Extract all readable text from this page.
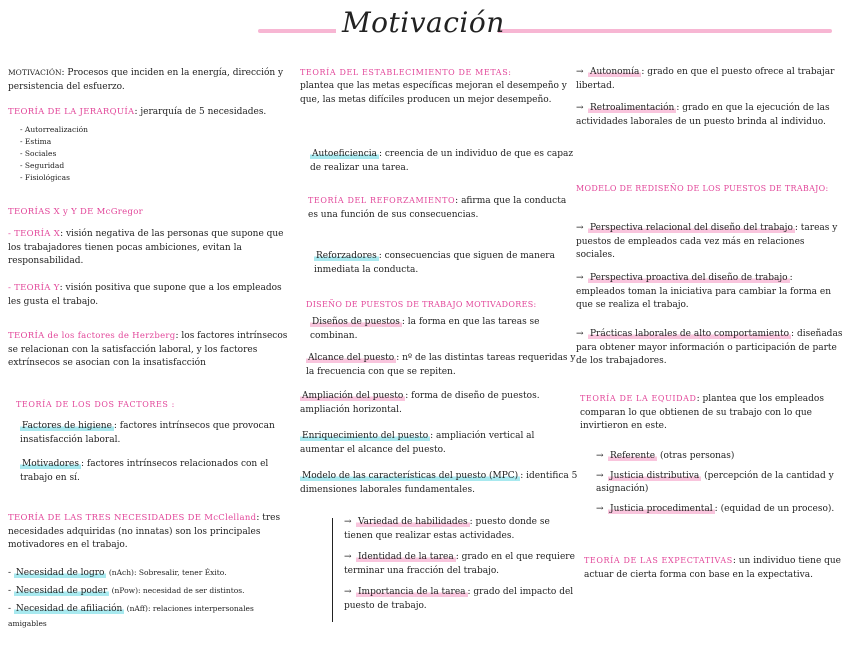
Motivación
MOTIVACIÓN: Procesos que inciden en la energía, dirección y persistencia del esfuerzo.
TEORÍA DE LA JERARQUÍA: jerarquía de 5 necesidades.
- Autorrealización
- Estima
- Sociales
- Seguridad
- Fisiológicas
TEORÍAS X y Y DE McGregor
- TEORÍA X: visión negativa de las personas que supone que los trabajadores tienen pocas ambiciones, evitan la responsabilidad.
- TEORÍA Y: visión positiva que supone que a los empleados les gusta el trabajo.
TEORÍA de los factores de Herzberg: los factores intrínsecos se relacionan con la satisfacción laboral, y los factores extrínsecos se asocian con la insatisfacción
TEORÍA DE LOS DOS FACTORES :
Factores de higiene : factores intrínsecos que provocan insatisfacción laboral.
Motivadores : factores intrínsecos relacionados con el trabajo en sí.
TEORÍA DE LAS TRES NECESIDADES DE McClelland: tres necesidades adquiridas (no innatas) son los principales motivadores en el trabajo.
- Necesidad de logro (nAch): Sobresalir, tener Éxito.
- Necesidad de poder (nPow): necesidad de ser distintos.
- Necesidad de afiliación (nAff): relaciones interpersonales amigables
TEORÍA DEL ESTABLECIMIENTO DE METAS:
plantea que las metas específicas mejoran el desempeño y que, las metas difíciles producen un mejor desempeño.
Autoeficiencia : creencia de un individuo de que es capaz de realizar una tarea.
TEORÍA DEL REFORZAMIENTO: afirma que la conducta es una función de sus consecuencias.
Reforzadores : consecuencias que siguen de manera inmediata la conducta.
DISEÑO DE PUESTOS DE TRABAJO MOTIVADORES:
Diseños de puestos : la forma en que las tareas se combinan.
Alcance del puesto : nº de las distintas tareas requeridas y la frecuencia con que se repiten.
Ampliación del puesto : forma de diseño de puestos. ampliación horizontal.
Enriquecimiento del puesto : ampliación vertical al aumentar el alcance del puesto.
Modelo de las características del puesto (MPC) : identifica 5 dimensiones laborales fundamentales.
→ Variedad de habilidades : puesto donde se tienen que realizar estas actividades.
→ Identidad de la tarea : grado en el que requiere terminar una fracción del trabajo.
→ Importancia de la tarea : grado del impacto del puesto de trabajo.
→ Autonomía : grado en que el puesto ofrece al trabajar libertad.
→ Retroalimentación : grado en que la ejecución de las actividades laborales de un puesto brinda al individuo.
MODELO DE REDISEÑO DE LOS PUESTOS DE TRABAJO:
→ Perspectiva relacional del diseño del trabajo : tareas y puestos de empleados cada vez más en relaciones sociales.
→ Perspectiva proactiva del diseño de trabajo : empleados toman la iniciativa para cambiar la forma en que se realiza el trabajo.
→ Prácticas laborales de alto comportamiento : diseñadas para obtener mayor información o participación de parte de los trabajadores.
TEORÍA DE LA EQUIDAD: plantea que los empleados comparan lo que obtienen de su trabajo con lo que invirtieron en este.
→ Referente (otras personas)
→ Justicia distributiva (percepción de la cantidad y asignación)
→ Justicia procedimental : (equidad de un proceso).
TEORÍA DE LAS EXPECTATIVAS: un individuo tiene que actuar de cierta forma con base en la expectativa.
